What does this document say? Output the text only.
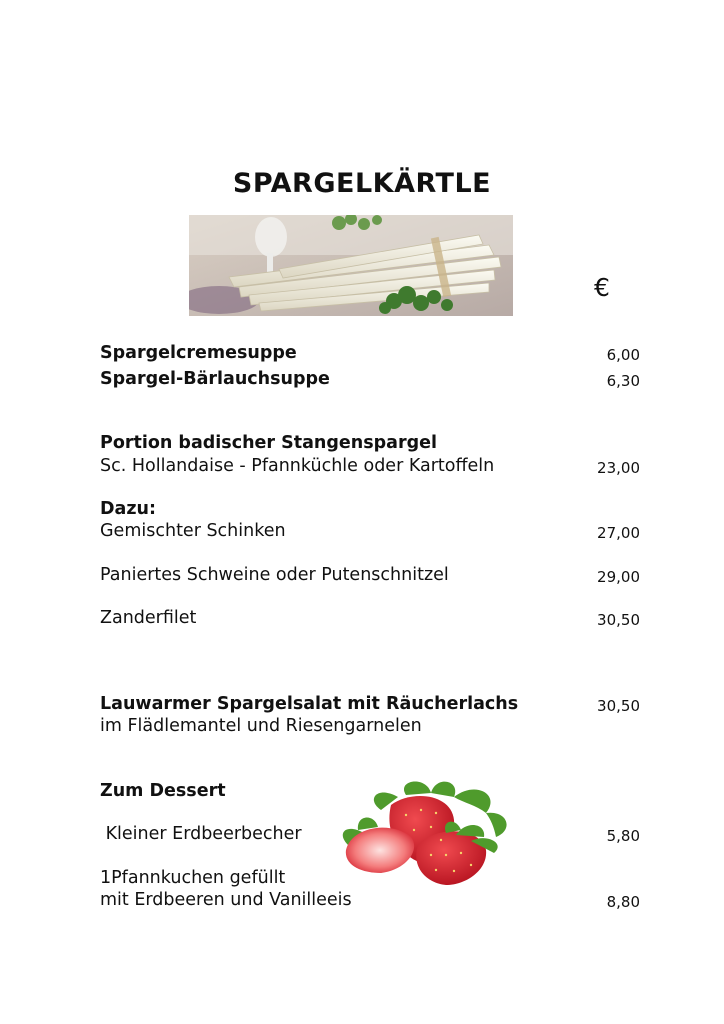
SPARGELKÄRTLE
€
Spargelcremesuppe	6,00
Spargel-Bärlauchsuppe	6,30
Portion badischer Stangenspargel
Sc. Hollandaise - Pfannküchle oder Kartoffeln	23,00
Dazu:
Gemischter Schinken	27,00
Paniertes Schweine oder Putenschnitzel	29,00
Zanderfilet	30,50
Lauwarmer Spargelsalat mit Räucherlachs	30,50
im Flädlemantel und Riesengarnelen
Zum Dessert
Kleiner Erdbeerbecher	5,80
1Pfannkuchen gefüllt
mit Erdbeeren und Vanilleeis	8,80
